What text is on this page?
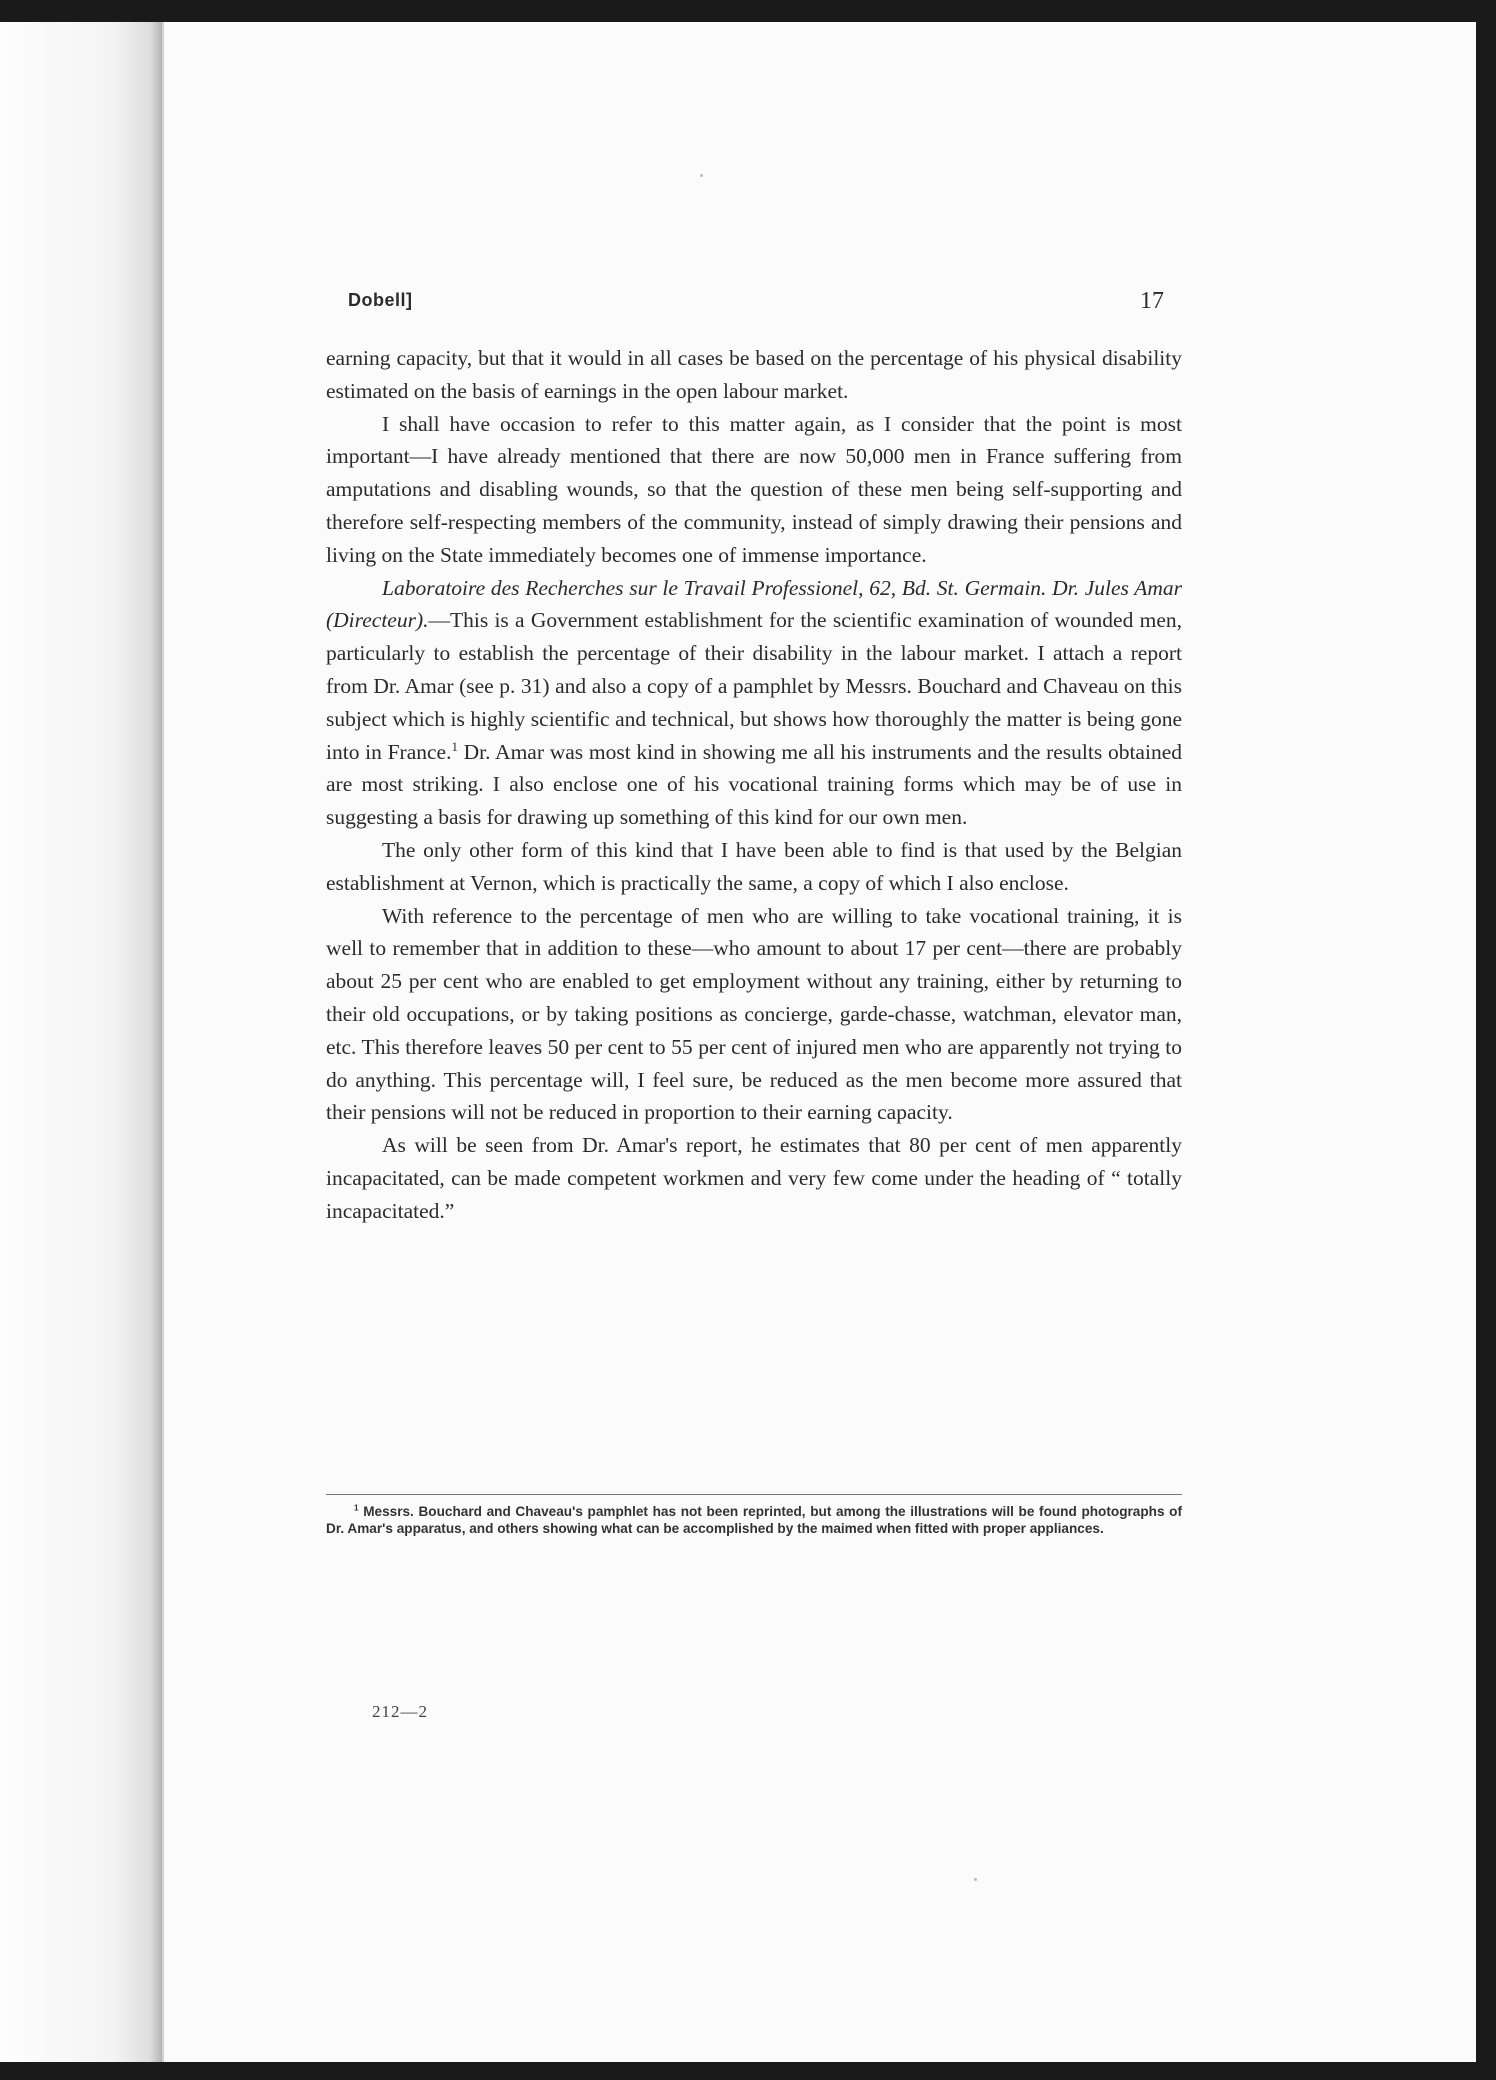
Dobell]	17

earning capacity, but that it would in all cases be based on the percentage of his physical disability estimated on the basis of earnings in the open labour market.

I shall have occasion to refer to this matter again, as I consider that the point is most important—I have already mentioned that there are now 50,000 men in France suffering from amputations and disabling wounds, so that the question of these men being self-supporting and therefore self-respecting members of the community, instead of simply drawing their pensions and living on the State immediately becomes one of immense importance.

Laboratoire des Recherches sur le Travail Professionel, 62, Bd. St. Germain. Dr. Jules Amar (Directeur).—This is a Government establishment for the scientific examination of wounded men, particularly to establish the percentage of their disability in the labour market. I attach a report from Dr. Amar (see p. 31) and also a copy of a pamphlet by Messrs. Bouchard and Chaveau on this subject which is highly scientific and technical, but shows how thoroughly the matter is being gone into in France.$^1$ Dr. Amar was most kind in showing me all his instruments and the results obtained are most striking. I also enclose one of his vocational training forms which may be of use in suggesting a basis for drawing up something of this kind for our own men.

The only other form of this kind that I have been able to find is that used by the Belgian establishment at Vernon, which is practically the same, a copy of which I also enclose.

With reference to the percentage of men who are willing to take vocational training, it is well to remember that in addition to these—who amount to about 17 per cent—there are probably about 25 per cent who are enabled to get employment without any training, either by returning to their old occupations, or by taking positions as concierge, garde-chasse, watchman, elevator man, etc. This therefore leaves 50 per cent to 55 per cent of injured men who are apparently not trying to do anything. This percentage will, I feel sure, be reduced as the men become more assured that their pensions will not be reduced in proportion to their earning capacity.

As will be seen from Dr. Amar's report, he estimates that 80 per cent of men apparently incapacitated, can be made competent workmen and very few come under the heading of “ totally incapacitated.”

$^1$ Messrs. Bouchard and Chaveau's pamphlet has not been reprinted, but among the illustrations will be found photographs of Dr. Amar's apparatus, and others showing what can be accomplished by the maimed when fitted with proper appliances.
212—2
